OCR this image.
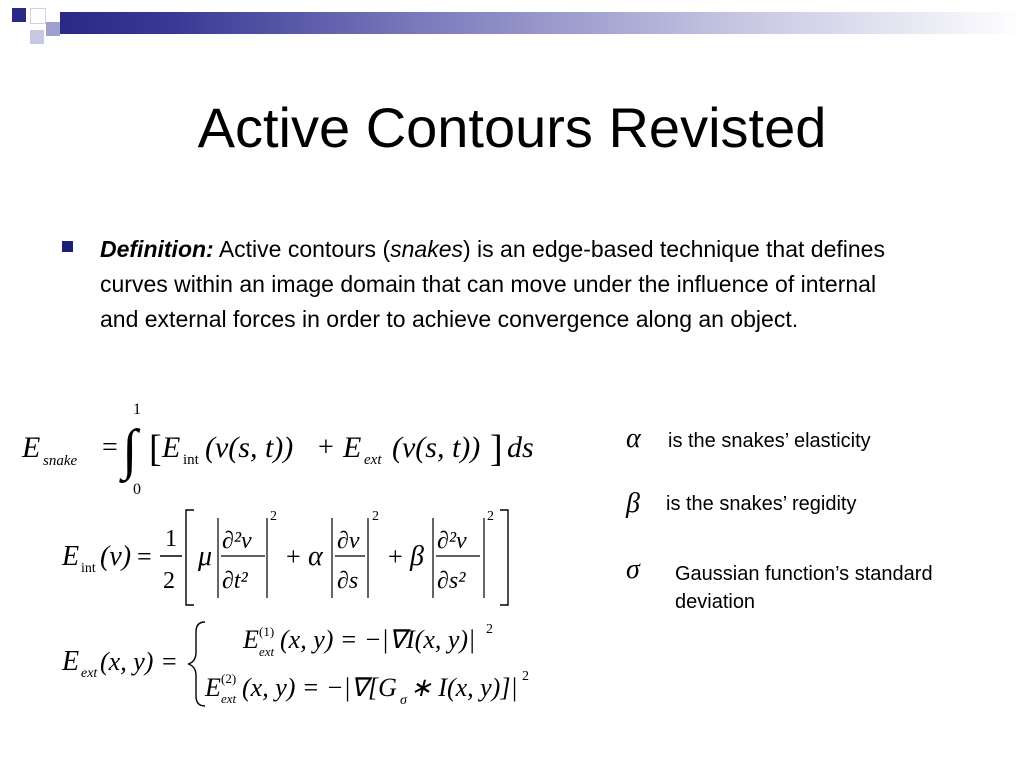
Active Contours Revisted
Definition: Active contours (snakes) is an edge-based technique that defines curves within an image domain that can move under the influence of internal and external forces in order to achieve convergence along an object.
E snake =
1
∫
0
[ E int (v(s, t)) + E ext (v(s, t)) ] ds
E int (v) =
1
2
μ ∂²v
∂t²
2
+ α ∂v
∂s
2
+ β ∂²v
∂s²
2
E ext (x, y) =
E (1)
ext (x, y) = −|∇I(x, y)| 2
E (2)
ext (x, y) = −|∇[G σ ∗ I(x, y)]| 2
α is the snakes’ elasticity
β is the snakes’ regidity
σ Gaussian function’s standard deviation
